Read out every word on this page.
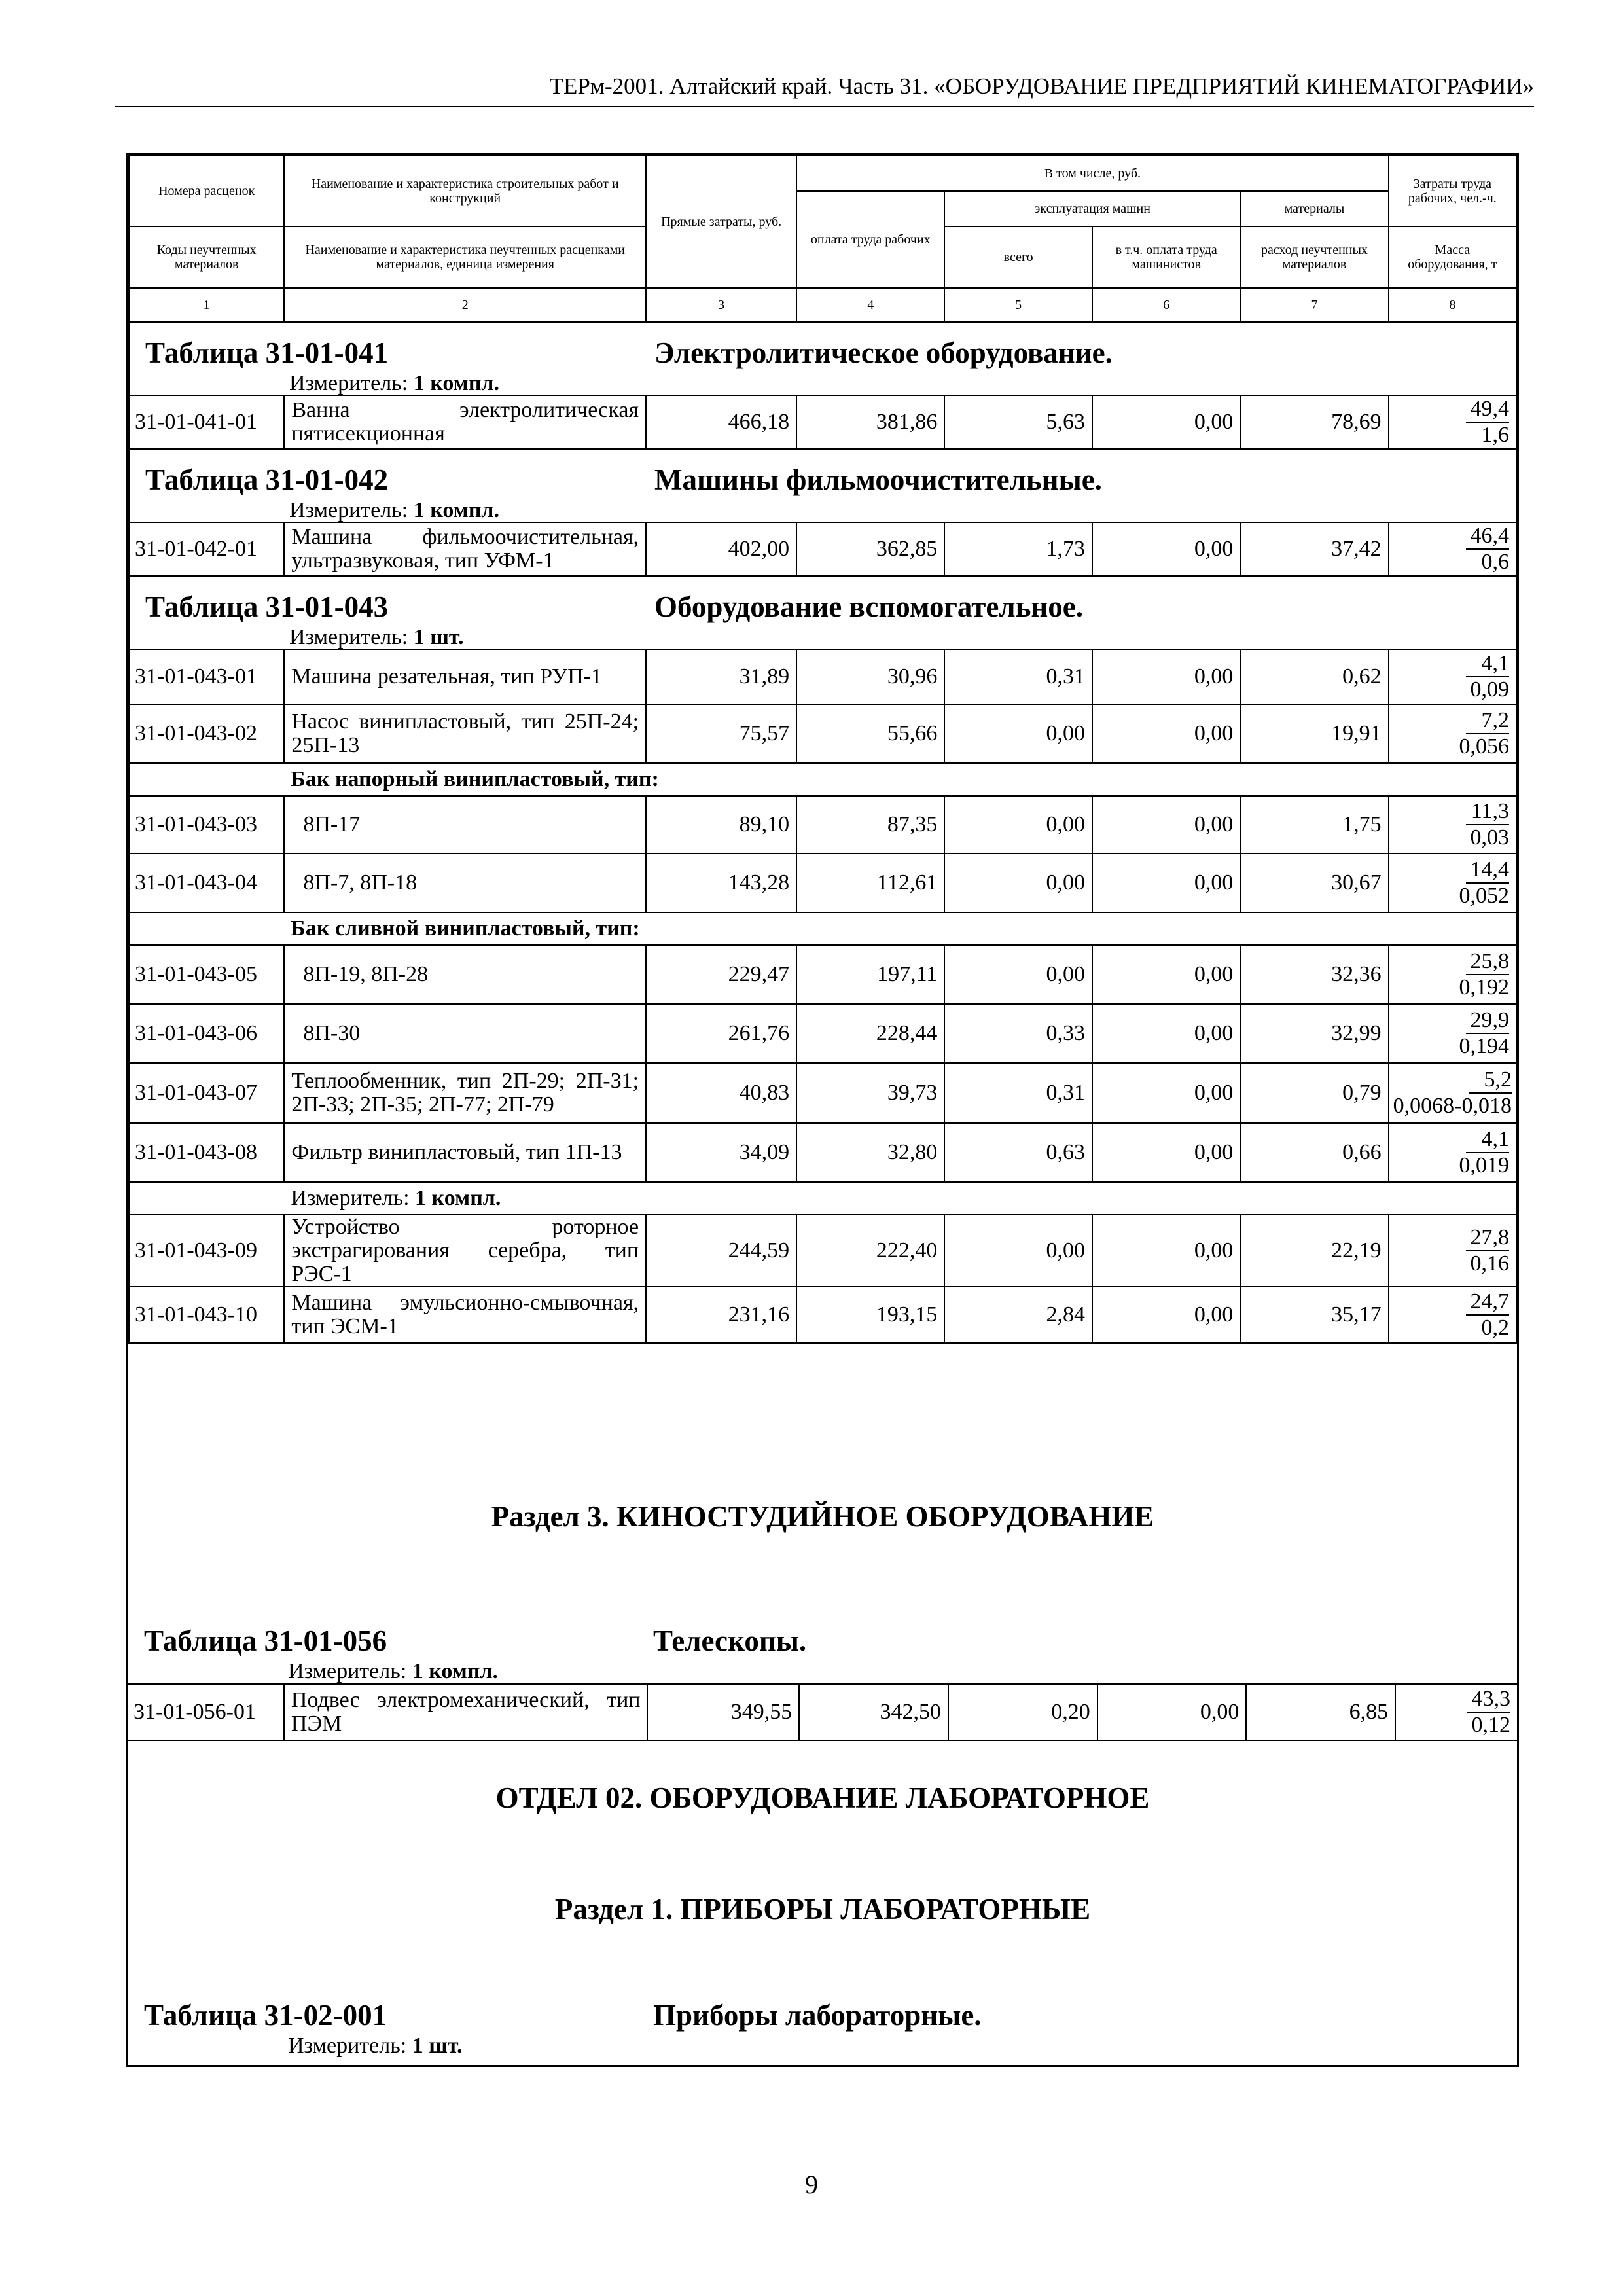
ТЕРм-2001. Алтайский край. Часть 31. «ОБОРУДОВАНИЕ ПРЕДПРИЯТИЙ КИНЕМАТОГРАФИИ»
Номера расценок	Наименование и характеристика строительных работ и конструкций	Прямые затраты, руб.	В том числе, руб.				Затраты труда рабочих, чел.-ч.
			оплата труда рабочих	эксплуатация машин		материалы	
Коды неучтенных материалов	Наименование и характеристика неучтенных расценками материалов, единица измерения			всего	в т.ч. оплата труда машинистов	расход неучтенных материалов	Масса оборудования, т
1	2	3	4	5	6	7	8

Таблица 31-01-041 Электролитическое оборудование.
Измеритель: 1 компл.							

31-01-041-01	Ванна электролитическая пятисекционная	466,18	381,86	5,63	0,00	78,69	49,4
1,6

Таблица 31-01-042 Машины фильмоочистительные.
Измеритель: 1 компл.							

31-01-042-01	Машина фильмоочистительная, ультразвуковая, тип УФМ-1	402,00	362,85	1,73	0,00	37,42	46,4
0,6

Таблица 31-01-043 Оборудование вспомогательное.
Измеритель: 1 шт.							

31-01-043-01	Машина резательная, тип РУП-1	31,89	30,96	0,31	0,00	0,62	4,1
0,09
31-01-043-02	Насос винипластовый, тип 25П-24; 25П-13	75,57	55,66	0,00	0,00	19,91	7,2
0,056
	Бак напорный винипластовый, тип:						
31-01-043-03	8П-17	89,10	87,35	0,00	0,00	1,75	11,3
0,03
31-01-043-04	8П-7, 8П-18	143,28	112,61	0,00	0,00	30,67	14,4
0,052
	Бак сливной винипластовый, тип:						
31-01-043-05	8П-19, 8П-28	229,47	197,11	0,00	0,00	32,36	25,8
0,192
31-01-043-06	8П-30	261,76	228,44	0,33	0,00	32,99	29,9
0,194
31-01-043-07	Теплообменник, тип 2П-29; 2П-31; 2П-33; 2П-35; 2П-77; 2П-79	40,83	39,73	0,31	0,00	0,79	5,2
0,0068-0,018
31-01-043-08	Фильтр винипластовый, тип 1П-13	34,09	32,80	0,63	0,00	0,66	4,1
0,019
	Измеритель: 1 компл.						
31-01-043-09	Устройство роторное экстрагирования серебра, тип РЭС-1	244,59	222,40	0,00	0,00	22,19	27,8
0,16
31-01-043-10	Машина эмульсионно-смывочная, тип ЭСМ-1	231,16	193,15	2,84	0,00	35,17	24,7
0,2
Раздел 3. КИНОСТУДИЙНОЕ ОБОРУДОВАНИЕ
Таблица 31-01-056	Телескопы.
Измеритель: 1 компл.

31-01-056-01	Подвес электромеханический, тип ПЭМ	349,55	342,50	0,20	0,00	6,85	43,3
0,12
ОТДЕЛ 02. ОБОРУДОВАНИЕ ЛАБОРАТОРНОЕ
Раздел 1. ПРИБОРЫ ЛАБОРАТОРНЫЕ
Таблица 31-02-001	Приборы лабораторные.
Измеритель: 1 шт.
9
